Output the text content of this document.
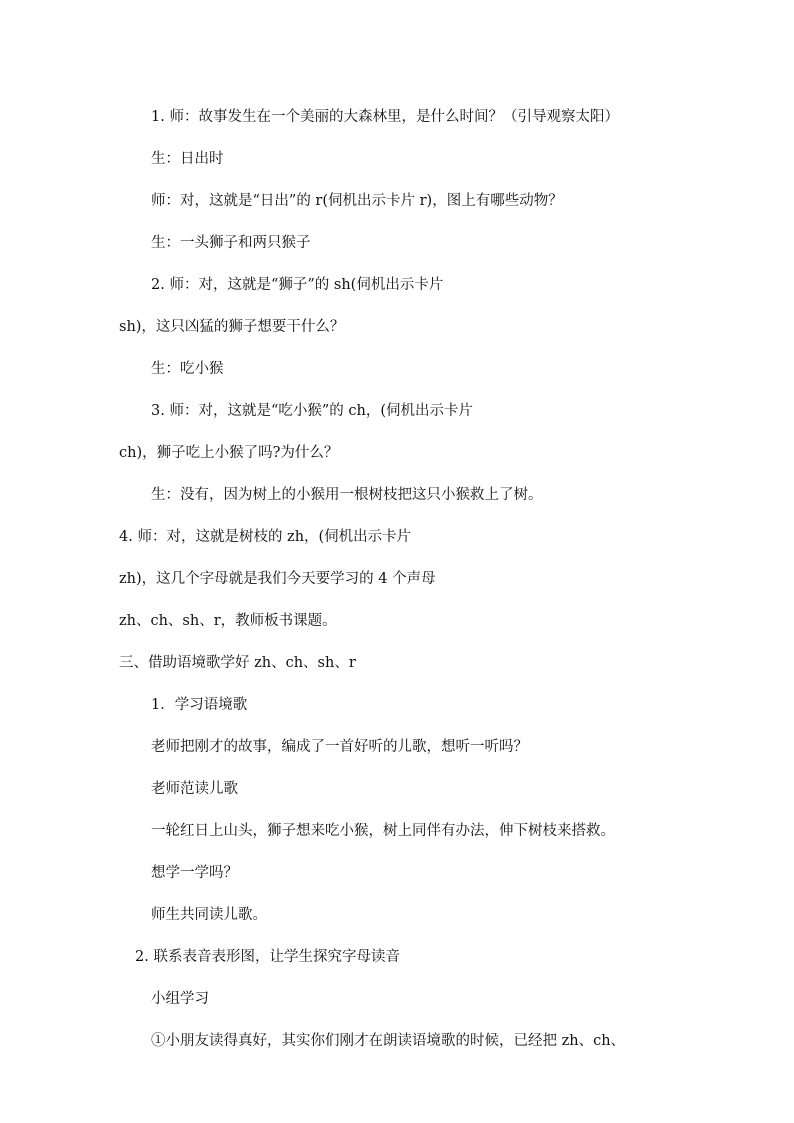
1. 师：故事发生在一个美丽的大森林里，是什么时间？（引导观察太阳）
生：日出时
师：对，这就是“日出”的 r(伺机出示卡片 r)，图上有哪些动物？
生：一头狮子和两只猴子
2. 师：对，这就是“狮子”的 sh(伺机出示卡片
sh)，这只凶猛的狮子想要干什么？
生：吃小猴
3. 师：对，这就是“吃小猴”的 ch，(伺机出示卡片
ch)，狮子吃上小猴了吗?为什么？
生：没有，因为树上的小猴用一根树枝把这只小猴救上了树。
4. 师：对，这就是树枝的 zh，(伺机出示卡片
zh)，这几个字母就是我们今天要学习的 4 个声母
zh、ch、sh、r，教师板书课题。
三、借助语境歌学好 zh、ch、sh、r
1．学习语境歌
老师把刚才的故事，编成了一首好听的儿歌，想听一听吗？
老师范读儿歌
一轮红日上山头，狮子想来吃小猴，树上同伴有办法，伸下树枝来搭救。
想学一学吗？
师生共同读儿歌。
2. 联系表音表形图，让学生探究字母读音
小组学习
①小朋友读得真好，其实你们刚才在朗读语境歌的时候，已经把 zh、ch、
